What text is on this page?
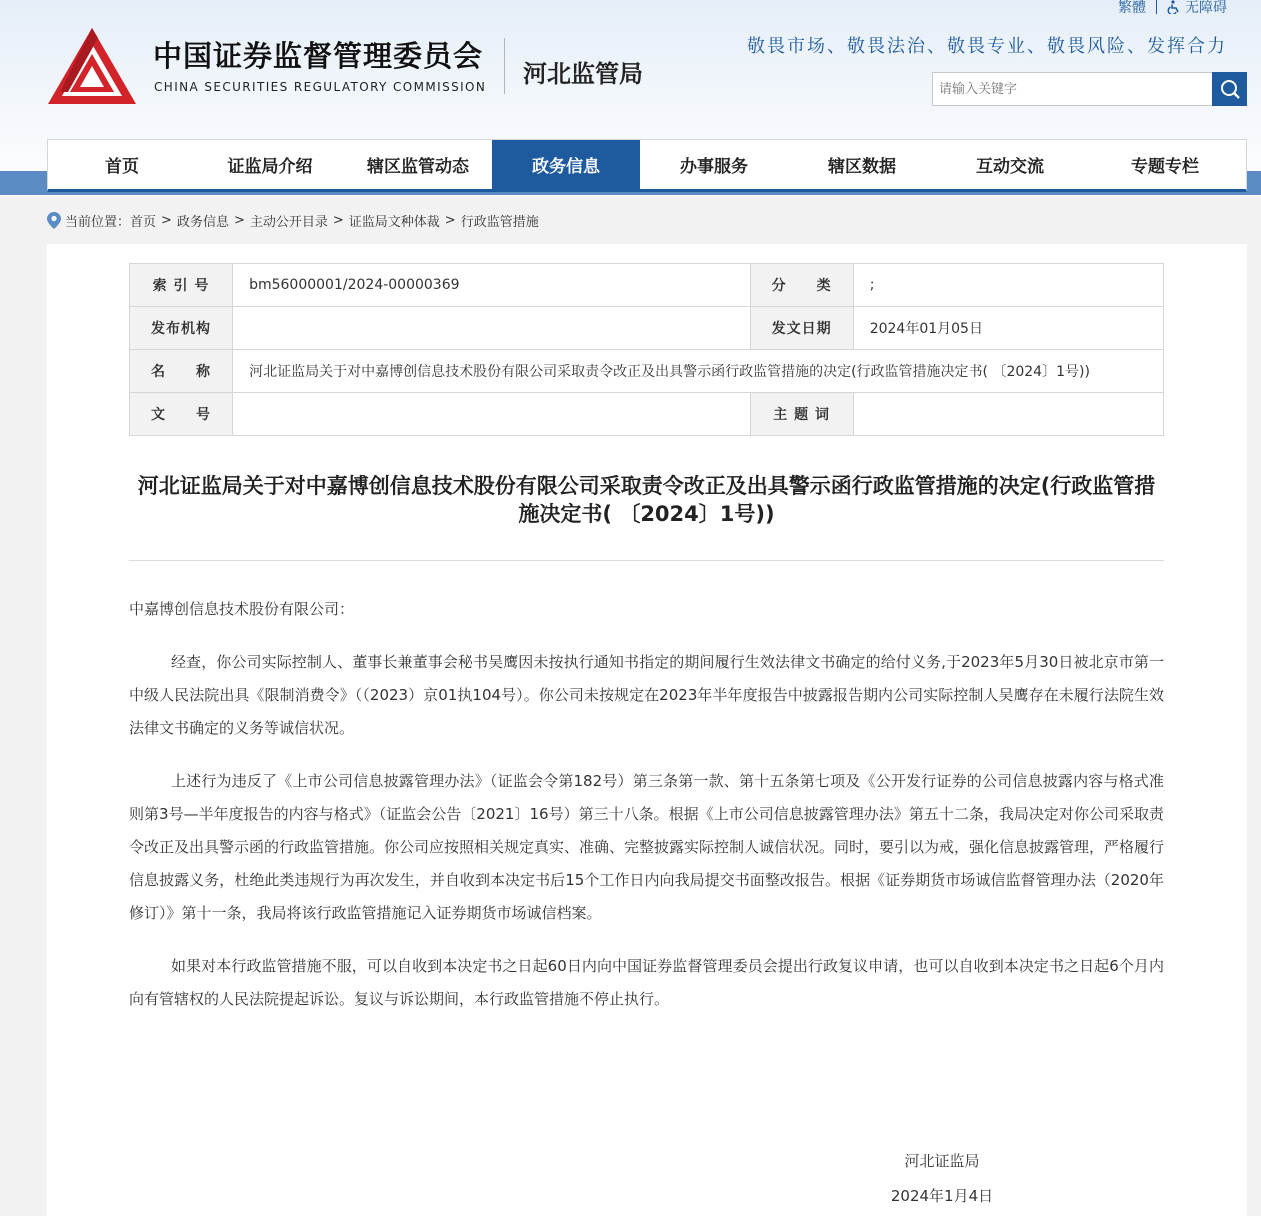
繁體	无障碍
中国证券监督管理委员会
CHINA SECURITIES REGULATORY COMMISSION 河北监管局
敬畏市场、敬畏法治、敬畏专业、敬畏风险、发挥合力
请输入关键字
首页	证监局介绍	辖区监管动态	政务信息	办事服务	辖区数据	互动交流	专题专栏
当前位置： 首页 > 政务信息 > 主动公开目录 > 证监局文种体裁 > 行政监管措施
索 引 号	bm56000001/2024-00000369	分　　类	;
发布机构		发文日期	2024年01月05日
名　　称	河北证监局关于对中嘉博创信息技术股份有限公司采取责令改正及出具警示函行政监管措施的决定(行政监管措施决定书( 〔2024〕1号))		
文　　号		主 题 词	
河北证监局关于对中嘉博创信息技术股份有限公司采取责令改正及出具警示函行政监管措施的决定(行政监管措施决定书( 〔2024〕1号))

中嘉博创信息技术股份有限公司：

经查，你公司实际控制人、董事长兼董事会秘书吴鹰因未按执行通知书指定的期间履行生效法律文书确定的给付义务,于2023年5月30日被北京市第一中级人民法院出具《限制消费令》（（2023）京01执104号）。你公司未按规定在2023年半年度报告中披露报告期内公司实际控制人吴鹰存在未履行法院生效法律文书确定的义务等诚信状况。

上述行为违反了《上市公司信息披露管理办法》（证监会令第182号）第三条第一款、第十五条第七项及《公开发行证券的公司信息披露内容与格式准则第3号—半年度报告的内容与格式》（证监会公告〔2021〕16号）第三十八条。根据《上市公司信息披露管理办法》第五十二条，我局决定对你公司采取责令改正及出具警示函的行政监管措施。你公司应按照相关规定真实、准确、完整披露实际控制人诚信状况。同时，要引以为戒，强化信息披露管理，严格履行信息披露义务，杜绝此类违规行为再次发生，并自收到本决定书后15个工作日内向我局提交书面整改报告。根据《证券期货市场诚信监督管理办法（2020年修订）》第十一条，我局将该行政监管措施记入证券期货市场诚信档案。

如果对本行政监管措施不服，可以自收到本决定书之日起60日内向中国证券监督管理委员会提出行政复议申请，也可以自收到本决定书之日起6个月内向有管辖权的人民法院提起诉讼。复议与诉讼期间，本行政监管措施不停止执行。

河北证监局
2024年1月4日
